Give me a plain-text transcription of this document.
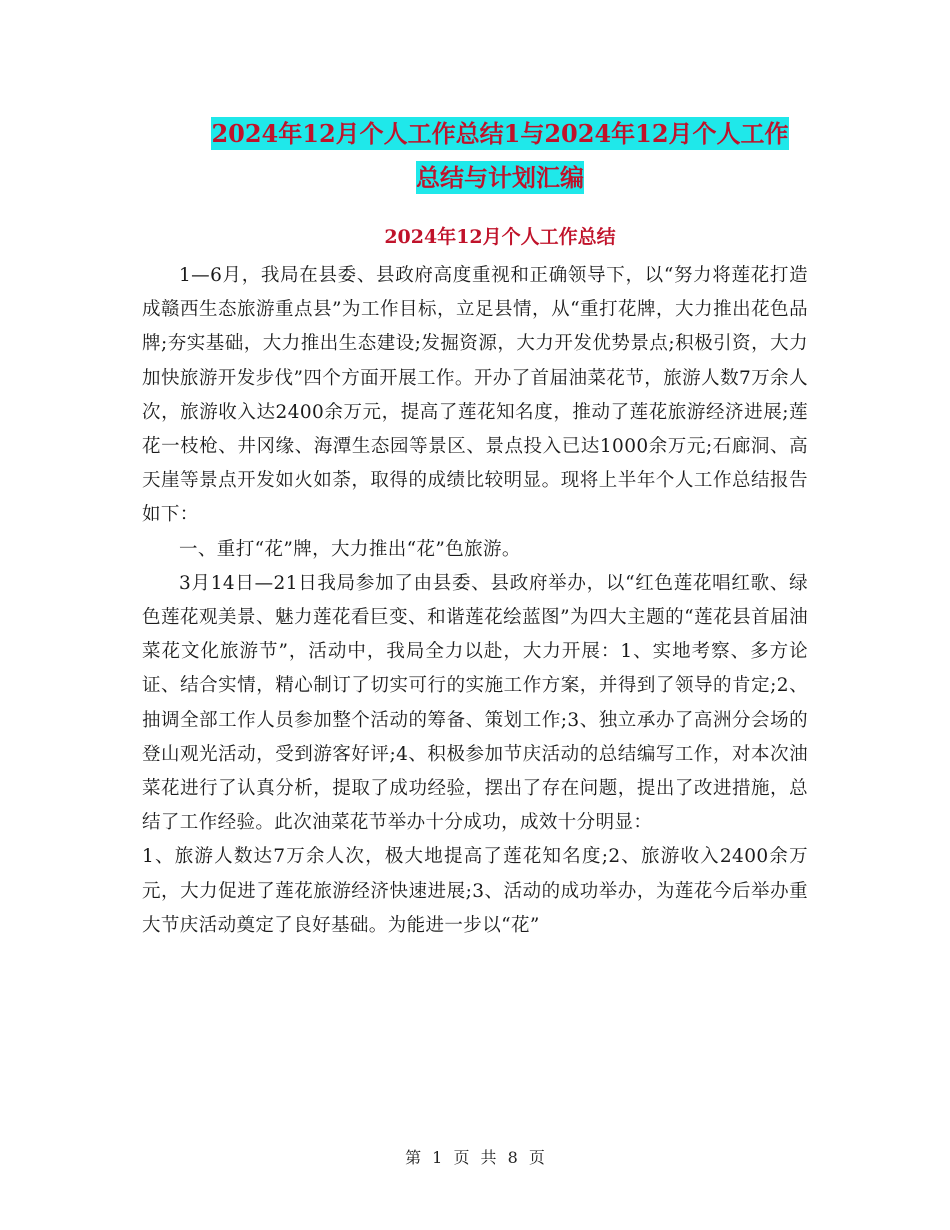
2024年12月个人工作总结1与2024年12月个人工作
总结与计划汇编
2024年12月个人工作总结

1—6月，我局在县委、县政府高度重视和正确领导下，以“努力将莲花打造成赣西生态旅游重点县”为工作目标，立足县情，从“重打花牌，大力推出花色品牌;夯实基础，大力推出生态建设;发掘资源，大力开发优势景点;积极引资，大力加快旅游开发步伐”四个方面开展工作。开办了首届油菜花节，旅游人数7万余人次，旅游收入达2400余万元，提高了莲花知名度，推动了莲花旅游经济进展;莲花一枝枪、井冈缘、海潭生态园等景区、景点投入已达1000余万元;石廊洞、高天崖等景点开发如火如荼，取得的成绩比较明显。现将上半年个人工作总结报告如下：

一、重打“花”牌，大力推出“花”色旅游。

3月14日—21日我局参加了由县委、县政府举办，以“红色莲花唱红歌、绿色莲花观美景、魅力莲花看巨变、和谐莲花绘蓝图”为四大主题的“莲花县首届油菜花文化旅游节”，活动中，我局全力以赴，大力开展：1、实地考察、多方论证、结合实情，精心制订了切实可行的实施工作方案，并得到了领导的肯定;2、抽调全部工作人员参加整个活动的筹备、策划工作;3、独立承办了高洲分会场的登山观光活动，受到游客好评;4、积极参加节庆活动的总结编写工作，对本次油菜花进行了认真分析，提取了成功经验，摆出了存在问题，提出了改进措施，总结了工作经验。此次油菜花节举办十分成功，成效十分明显：

1、旅游人数达7万余人次，极大地提高了莲花知名度;2、旅游收入2400余万元，大力促进了莲花旅游经济快速进展;3、活动的成功举办，为莲花今后举办重大节庆活动奠定了良好基础。为能进一步以“花”

第 1 页 共 8 页
